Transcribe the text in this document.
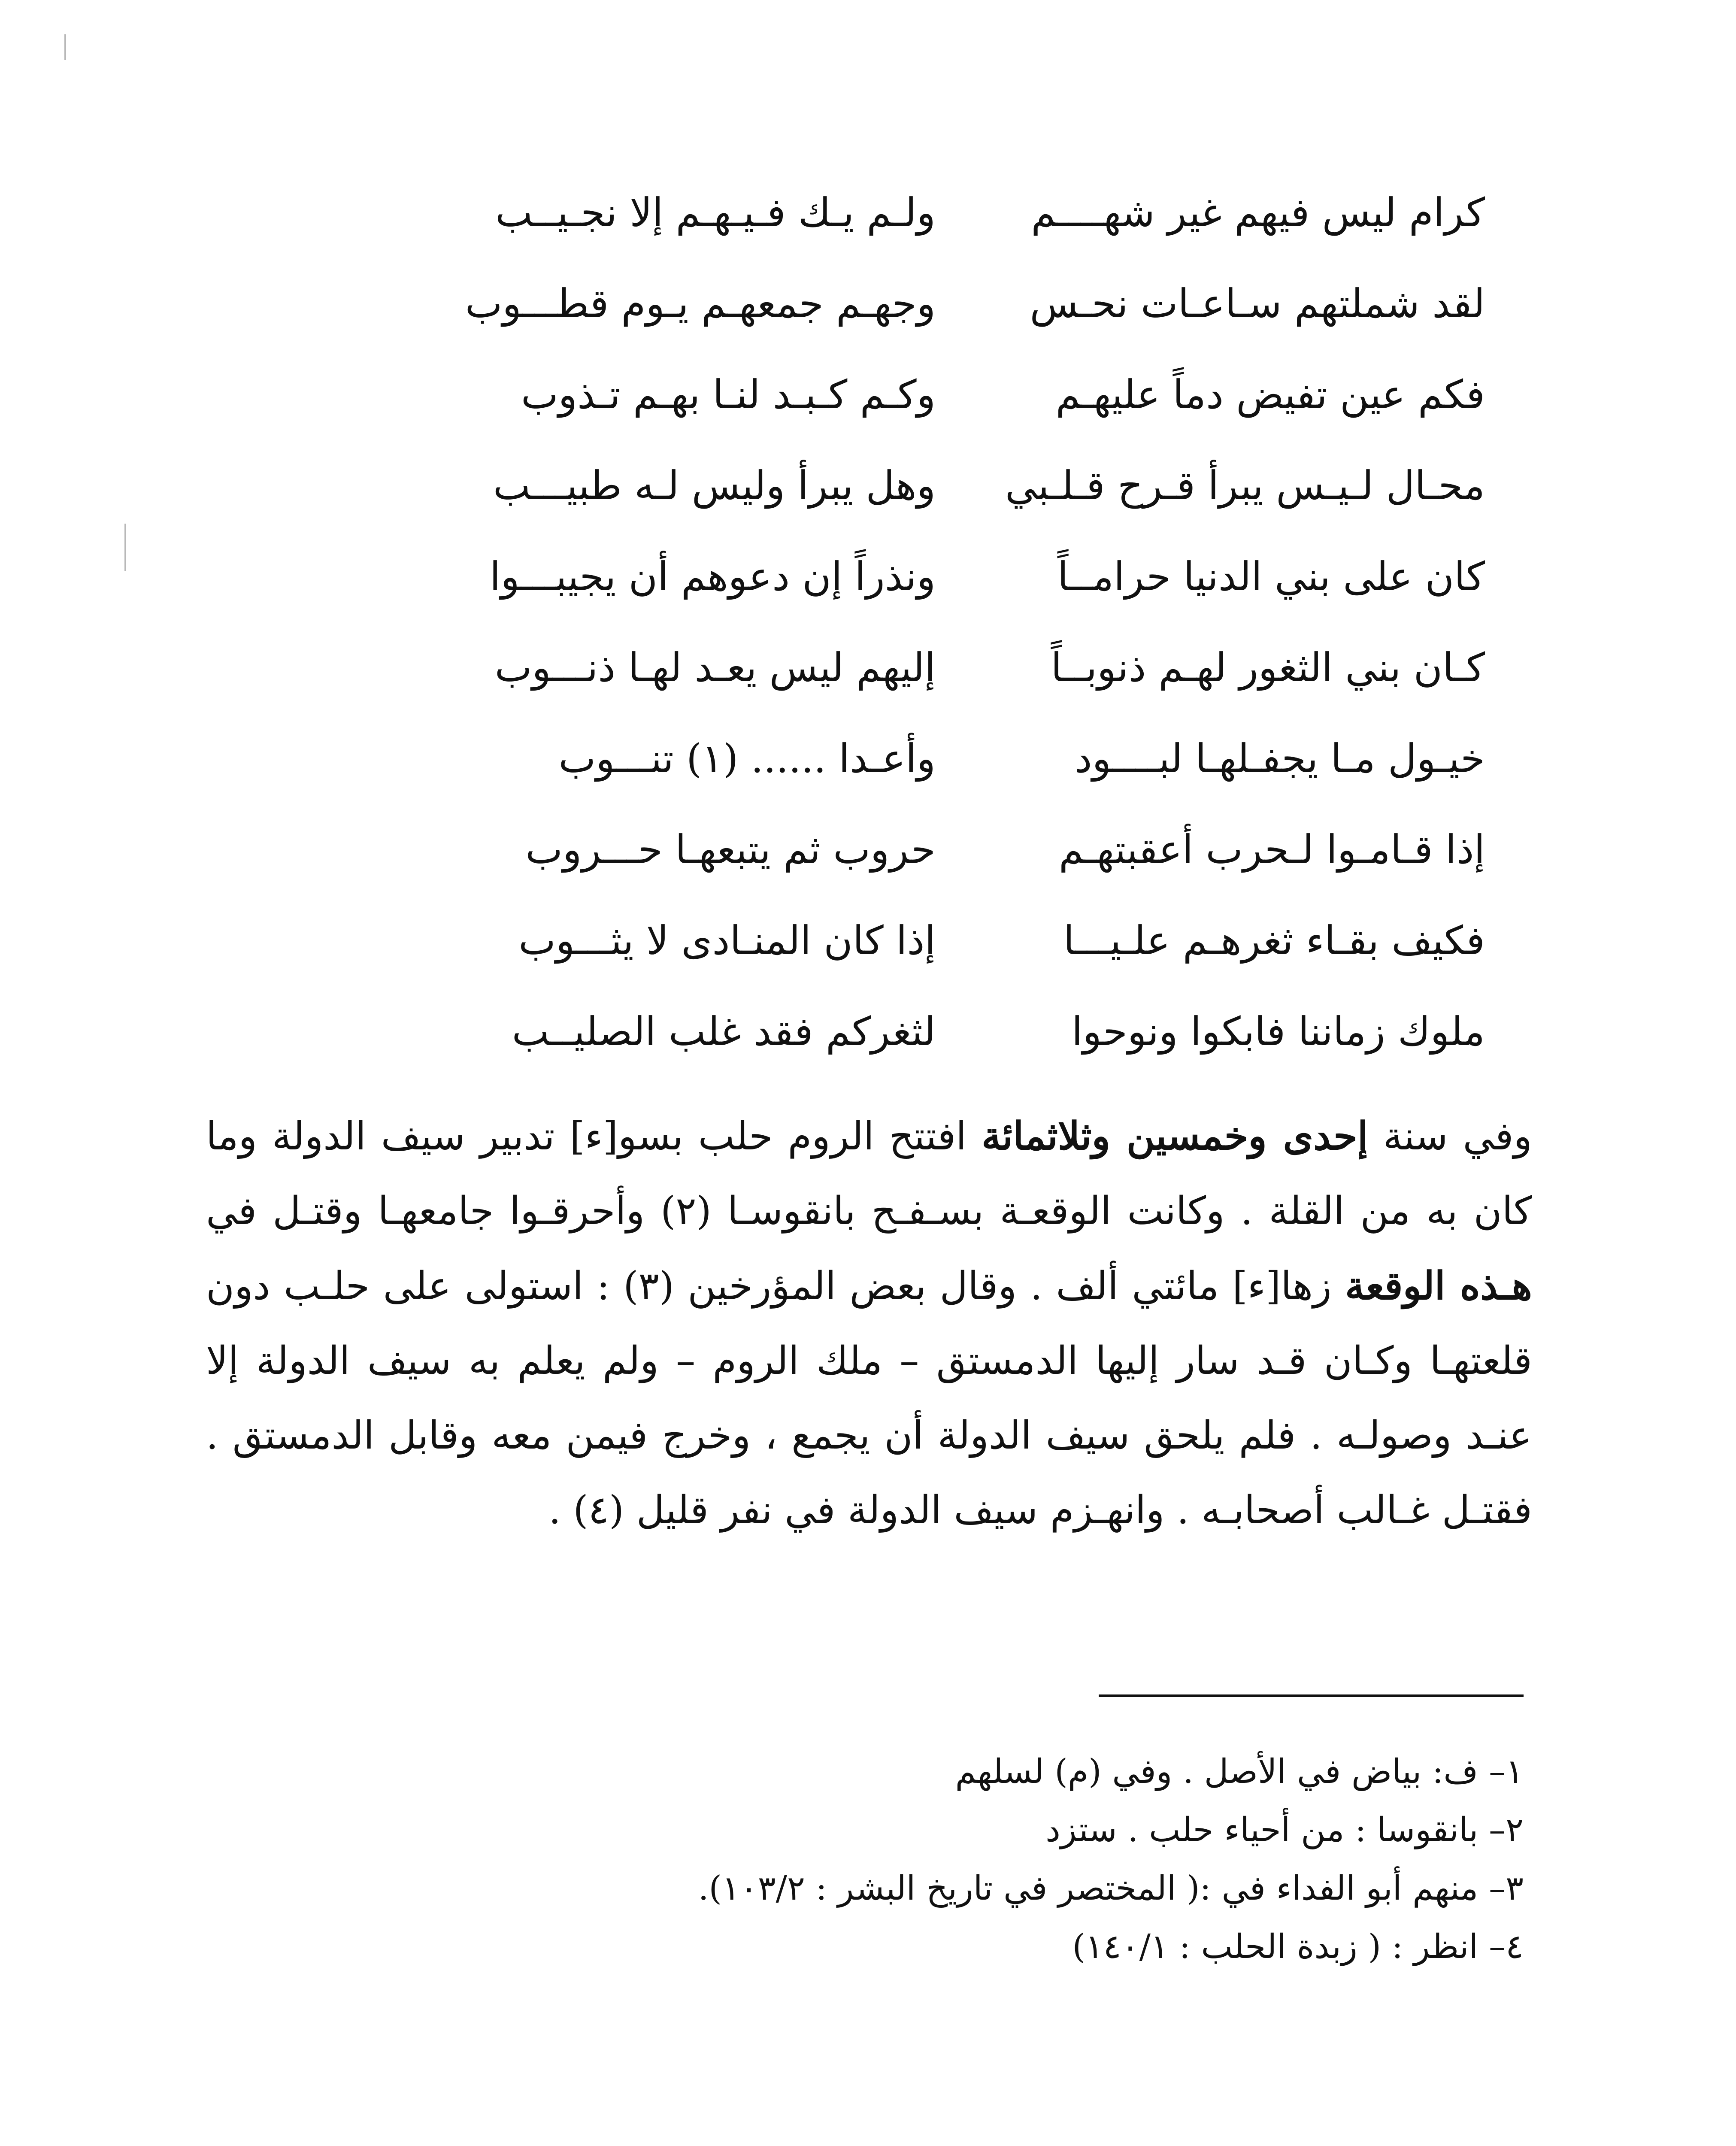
كرام ليس فيهم غير شهــــم
ولـم يـك فـيـهـم إلا نجـيــب
لقد شملتهم سـاعـات نحـس
وجهـم جمعهـم يـوم قطـــوب
فكم عين تفيض دماً عليهـم
وكـم كـبـد لنـا بهـم تـذوب
محـال لـيـس يبرأ قـرح قـلـبي
وهل يبرأ وليس لـه طبيـــب
كان على بني الدنيا حرامــاً
ونذراً إن دعوهم أن يجيبـــوا
كـان بني الثغور لهـم ذنوبــاً
إليهم ليس يعـد لهـا ذنـــوب
خيـول مـا يجفـلهـا لبــــود
وأعـدا ...... (١) تنـــوب
إذا قـامـوا لـحرب أعقبتهـم
حروب ثم يتبعهـا حـــروب
فكيف بقـاء ثغرهـم علـيـــا
إذا كان المنـادى لا يثـــوب
ملوك زماننا فابكوا ونوحوا
لثغركم فقد غلب الصليــب
وفي سنة إحدى وخمسين وثلاثمائة افتتح الروم حلب بسو[ء] تدبير سيف الدولة وما كان به من القلة . وكانت الوقعـة بسـفـح بانقوسـا (٢) وأحرقـوا جامعهـا وقتـل في هـذه الوقعة زها[ء] مائتي ألف . وقال بعض المؤرخين (٣) : استولى على حلـب دون قلعتهـا وكـان قـد سار إليها الدمستق – ملك الروم – ولم يعلم به سيف الدولة إلا عنـد وصولـه . فلم يلحق سيف الدولة أن يجمع ، وخرج فيمن معه وقابل الدمستق . فقتـل غـالب أصحابـه . وانهـزم سيف الدولة في نفر قليل (٤) .
١– ف: بياض في الأصل . وفي (م) لسلهم
٢– بانقوسا : من أحياء حلب . ستزد
٣– منهم أبو الفداء في :( المختصر في تاريخ البشر : ١٠٣/٢).
٤– انظر : ( زبدة الحلب : ١٤٠/١)
